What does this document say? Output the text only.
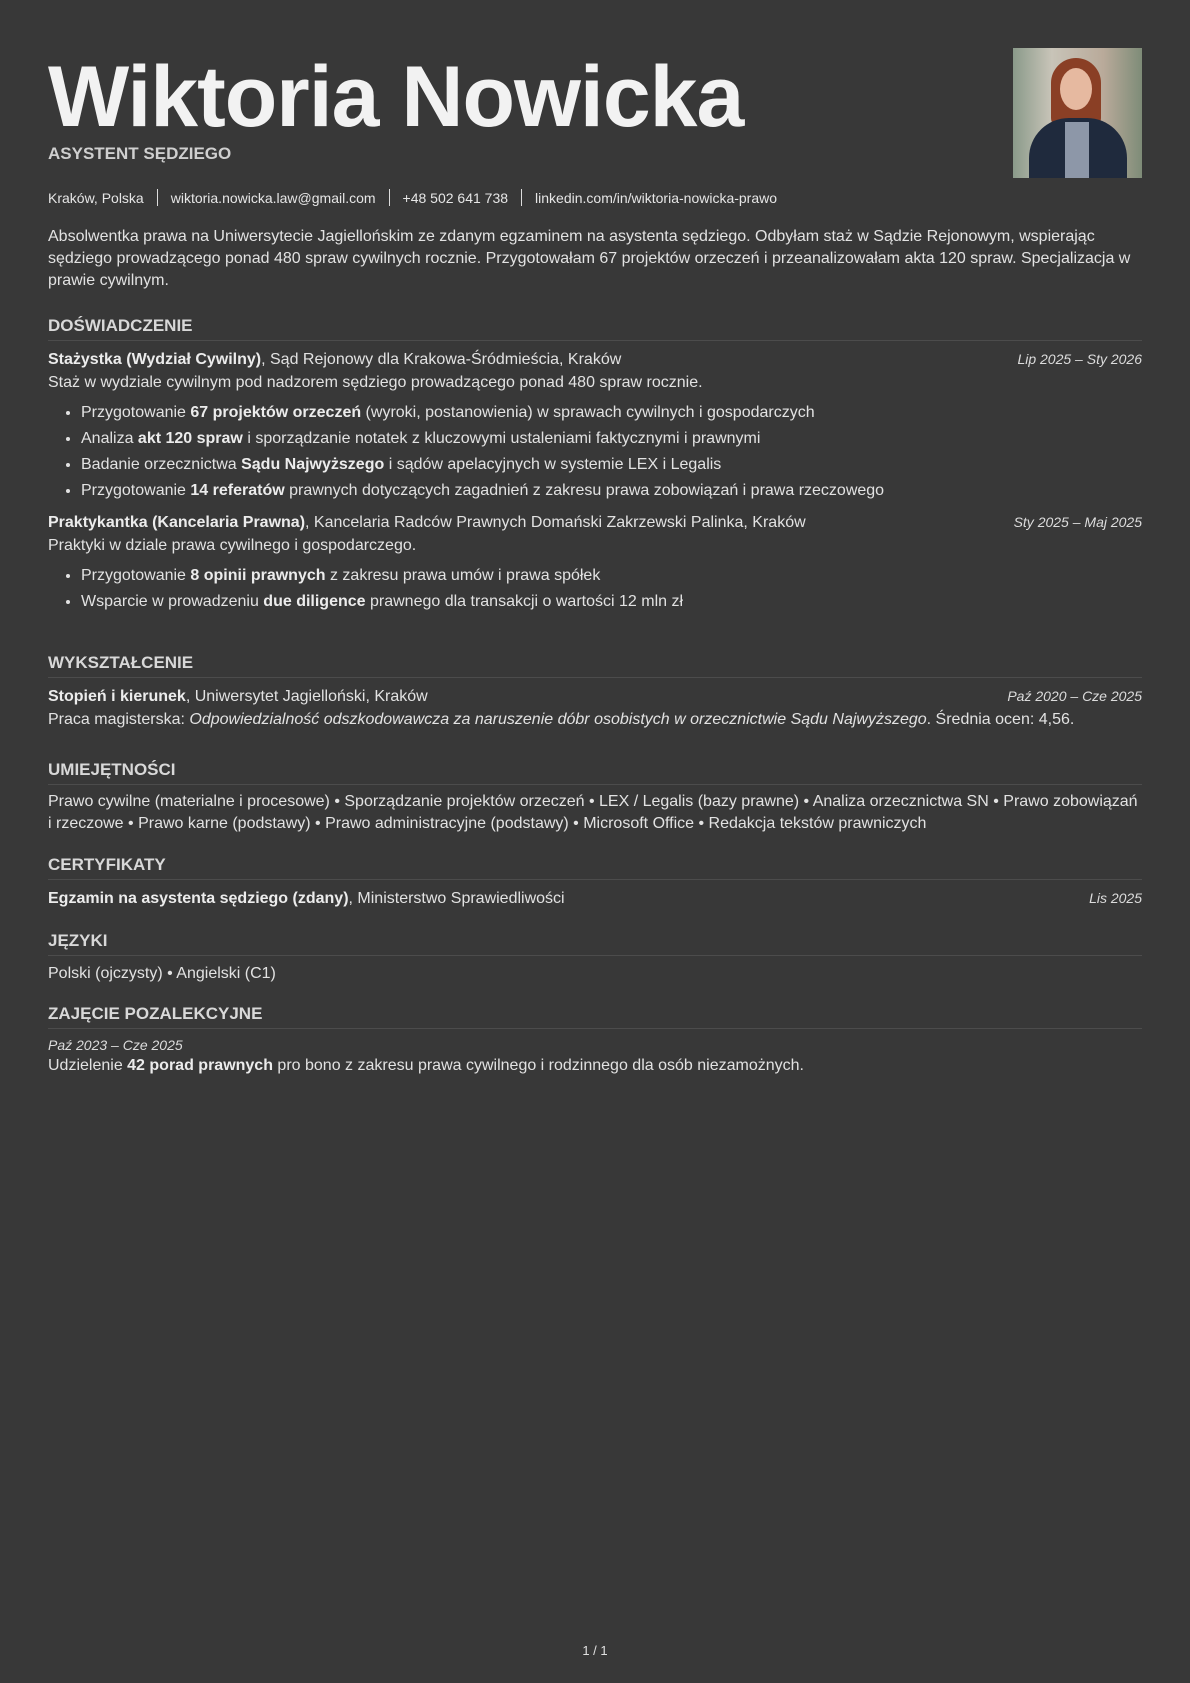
Wiktoria Nowicka
ASYSTENT SĘDZIEGO
Kraków, Polska wiktoria.nowicka.law@gmail.com +48 502 641 738 linkedin.com/in/wiktoria-nowicka-prawo
Absolwentka prawa na Uniwersytecie Jagiellońskim ze zdanym egzaminem na asystenta sędziego. Odbyłam staż w Sądzie Rejonowym, wspierając sędziego prowadzącego ponad 480 spraw cywilnych rocznie. Przygotowałam 67 projektów orzeczeń i przeanalizowałam akta 120 spraw. Specjalizacja w prawie cywilnym.
DOŚWIADCZENIE
Stażystka (Wydział Cywilny), Sąd Rejonowy dla Krakowa-Śródmieścia, Kraków	Lip 2025 – Sty 2026
Staż w wydziale cywilnym pod nadzorem sędziego prowadzącego ponad 480 spraw rocznie.
• Przygotowanie 67 projektów orzeczeń (wyroki, postanowienia) w sprawach cywilnych i gospodarczych
• Analiza akt 120 spraw i sporządzanie notatek z kluczowymi ustaleniami faktycznymi i prawnymi
• Badanie orzecznictwa Sądu Najwyższego i sądów apelacyjnych w systemie LEX i Legalis
• Przygotowanie 14 referatów prawnych dotyczących zagadnień z zakresu prawa zobowiązań i prawa rzeczowego
Praktykantka (Kancelaria Prawna), Kancelaria Radców Prawnych Domański Zakrzewski Palinka, Kraków	Sty 2025 – Maj 2025
Praktyki w dziale prawa cywilnego i gospodarczego.
• Przygotowanie 8 opinii prawnych z zakresu prawa umów i prawa spółek
• Wsparcie w prowadzeniu due diligence prawnego dla transakcji o wartości 12 mln zł
WYKSZTAŁCENIE
Stopień i kierunek, Uniwersytet Jagielloński, Kraków	Paź 2020 – Cze 2025
Praca magisterska: Odpowiedzialność odszkodowawcza za naruszenie dóbr osobistych w orzecznictwie Sądu Najwyższego. Średnia ocen: 4,56.
UMIEJĘTNOŚCI
Prawo cywilne (materialne i procesowe) • Sporządzanie projektów orzeczeń • LEX / Legalis (bazy prawne) • Analiza orzecznictwa SN • Prawo zobowiązań i rzeczowe • Prawo karne (podstawy) • Prawo administracyjne (podstawy) • Microsoft Office • Redakcja tekstów prawniczych
CERTYFIKATY
Egzamin na asystenta sędziego (zdany), Ministerstwo Sprawiedliwości	Lis 2025
JĘZYKI
Polski (ojczysty) • Angielski (C1)
ZAJĘCIE POZALEKCYJNE
Paź 2023 – Cze 2025
Udzielenie 42 porad prawnych pro bono z zakresu prawa cywilnego i rodzinnego dla osób niezamożnych.
1 / 1
